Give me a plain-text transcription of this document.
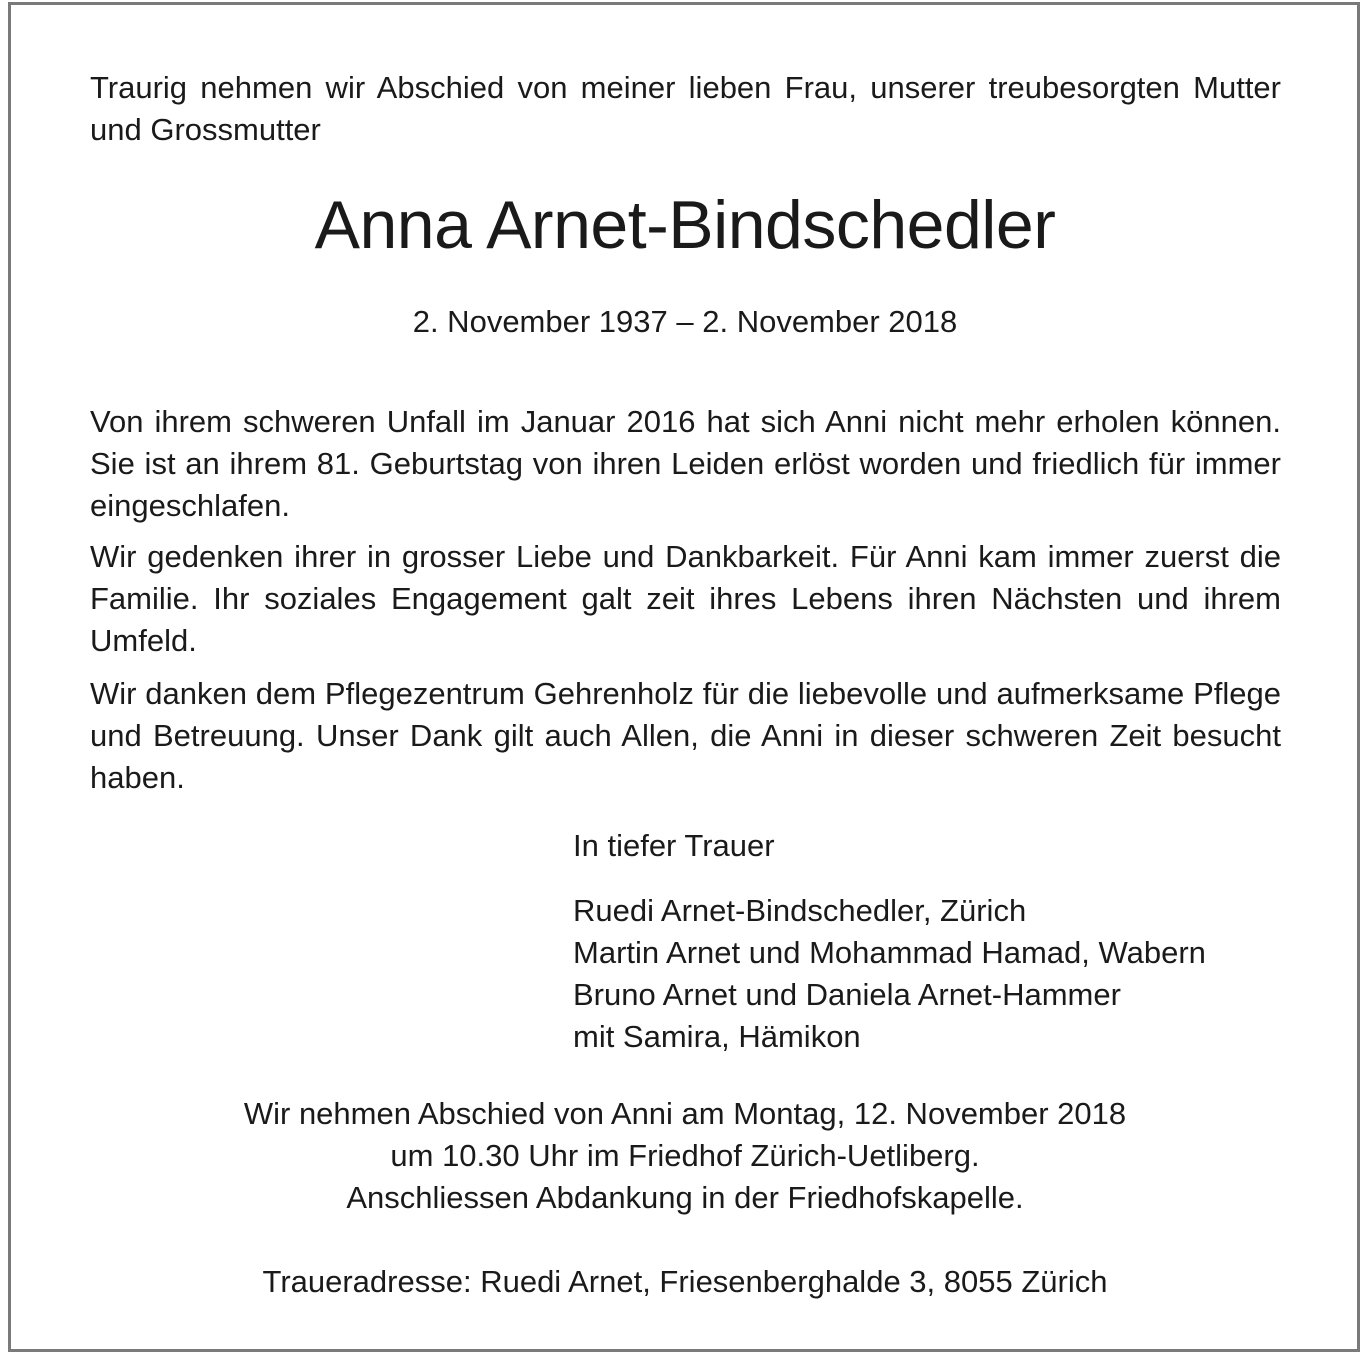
Traurig nehmen wir Abschied von meiner lieben Frau, unserer treubesorgten Mutter und Grossmutter
Anna Arnet-Bindschedler
2. November 1937 – 2. November 2018
Von ihrem schweren Unfall im Januar 2016 hat sich Anni nicht mehr erholen können. Sie ist an ihrem 81. Geburtstag von ihren Leiden erlöst worden und friedlich für immer eingeschlafen.
Wir gedenken ihrer in grosser Liebe und Dankbarkeit. Für Anni kam immer zuerst die Familie. Ihr soziales Engagement galt zeit ihres Lebens ihren Nächsten und ihrem Umfeld.
Wir danken dem Pflegezentrum Gehrenholz für die liebevolle und aufmerksame Pflege und Betreuung. Unser Dank gilt auch Allen, die Anni in dieser schweren Zeit besucht haben.
In tiefer Trauer
Ruedi Arnet-Bindschedler, Zürich
Martin Arnet und Mohammad Hamad, Wabern
Bruno Arnet und Daniela Arnet-Hammer
mit Samira, Hämikon
Wir nehmen Abschied von Anni am Montag, 12. November 2018
um 10.30 Uhr im Friedhof Zürich-Uetliberg.
Anschliessen Abdankung in der Friedhofskapelle.
Traueradresse: Ruedi Arnet, Friesenberghalde 3, 8055 Zürich
